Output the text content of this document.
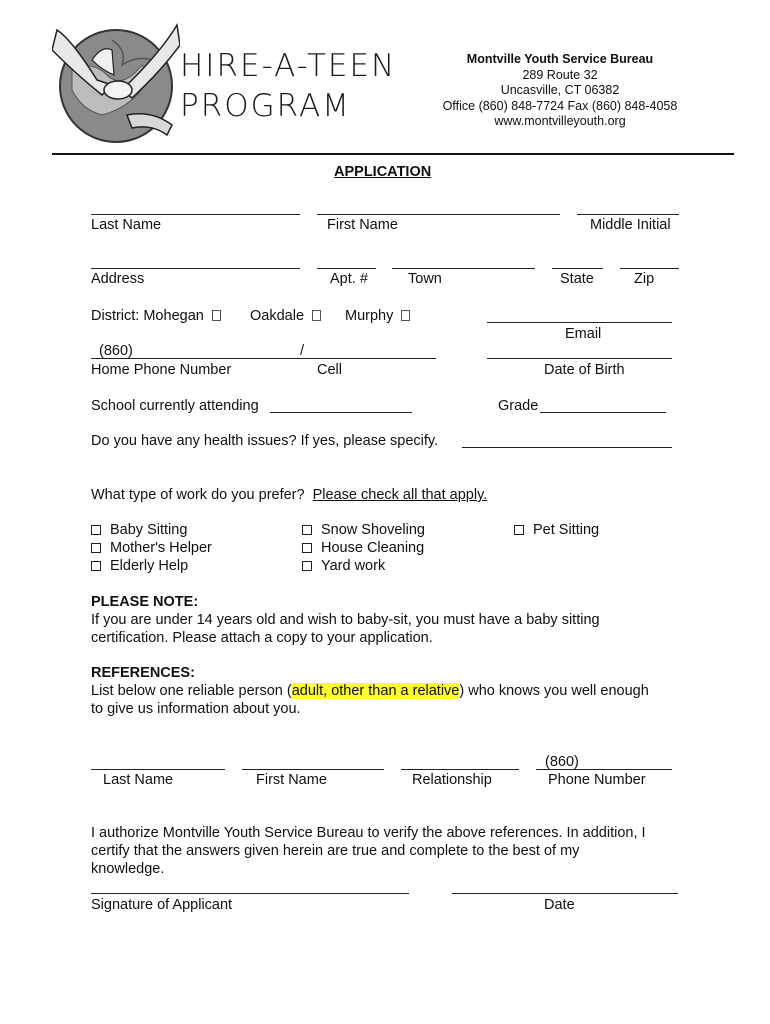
HIRE-A-TEEN
PROGRAM
Montville Youth Service Bureau
289 Route 32
Uncasville, CT 06382
Office (860) 848-7724 Fax (860) 848-4058
www.montvilleyouth.org
APPLICATION
Last Name	First Name	Middle Initial
Address	Apt. #	Town	State	Zip
District: Mohegan	Oakdale	Murphy
Email
(860)	/
Home Phone Number	Cell	Date of Birth
School currently attending	Grade
Do you have any health issues? If yes, please specify.
What type of work do you prefer? Please check all that apply.
Baby Sitting
Mother's Helper
Elderly Help
Snow Shoveling
House Cleaning
Yard work
Pet Sitting
PLEASE NOTE:
If you are under 14 years old and wish to baby-sit, you must have a baby sitting
certification. Please attach a copy to your application.
REFERENCES:
List below one reliable person (adult, other than a relative) who knows you well enough
to give us information about you.
(860)
Last Name	First Name	Relationship	Phone Number
I authorize Montville Youth Service Bureau to verify the above references. In addition, I
certify that the answers given herein are true and complete to the best of my
knowledge.
Signature of Applicant	Date
